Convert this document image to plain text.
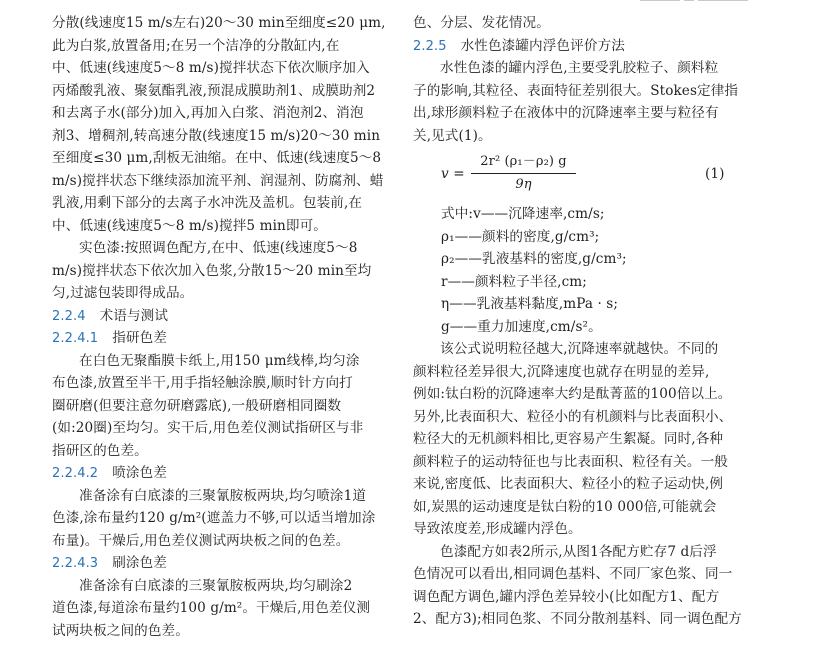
分散(线速度15 m/s左右)20～30 min至细度≤20 μm,
此为白浆,放置备用;在另一个洁净的分散缸内,在
中、低速(线速度5～8 m/s)搅拌状态下依次顺序加入
丙烯酸乳液、聚氨酯乳液,预混成膜助剂1、成膜助剂2
和去离子水(部分)加入,再加入白浆、消泡剂2、消泡
剂3、增稠剂,转高速分散(线速度15 m/s)20～30 min
至细度≤30 μm,刮板无油缩。在中、低速(线速度5～8
m/s)搅拌状态下继续添加流平剂、润湿剂、防腐剂、蜡
乳液,用剩下部分的去离子水冲洗及盖机。包装前,在
中、低速(线速度5～8 m/s)搅拌5 min即可。
实色漆:按照调色配方,在中、低速(线速度5～8
m/s)搅拌状态下依次加入色浆,分散15～20 min至均
匀,过滤包装即得成品。
2.2.4 术语与测试
2.2.4.1 指研色差
在白色无聚酯膜卡纸上,用150 μm线棒,均匀涂
布色漆,放置至半干,用手指轻触涂膜,顺时针方向打
圈研磨(但要注意勿研磨露底),一般研磨相同圈数
(如:20圈)至均匀。实干后,用色差仪测试指研区与非
指研区的色差。
2.2.4.2 喷涂色差
准备涂有白底漆的三聚氰胺板两块,均匀喷涂1道
色漆,涂布量约120 g/m²(遮盖力不够,可以适当增加涂
布量)。干燥后,用色差仪测试两块板之间的色差。
2.2.4.3 刷涂色差
准备涂有白底漆的三聚氰胺板两块,均匀刷涂2
道色漆,每道涂布量约100 g/m²。干燥后,用色差仪测
试两块板之间的色差。
色、分层、发花情况。
2.2.5 水性色漆罐内浮色评价方法
水性色漆的罐内浮色,主要受乳胶粒子、颜料粒
子的影响,其粒径、表面特征差别很大。Stokes定律指
出,球形颜料粒子在液体中的沉降速率主要与粒径有
关,见式(1)。
v =
2r² (ρ₁－ρ₂) g
9η
(1)
式中:v——沉降速率,cm/s;
ρ₁——颜料的密度,g/cm³;
ρ₂——乳液基料的密度,g/cm³;
r——颜料粒子半径,cm;
η——乳液基料黏度,mPa · s;
g——重力加速度,cm/s²。
该公式说明粒径越大,沉降速率就越快。不同的
颜料粒径差异很大,沉降速度也就存在明显的差异,
例如:钛白粉的沉降速率大约是酞菁蓝的100倍以上。
另外,比表面积大、粒径小的有机颜料与比表面积小、
粒径大的无机颜料相比,更容易产生絮凝。同时,各种
颜料粒子的运动特征也与比表面积、粒径有关。一般
来说,密度低、比表面积大、粒径小的粒子运动快,例
如,炭黑的运动速度是钛白粉的10 000倍,可能就会
导致浓度差,形成罐内浮色。
色漆配方如表2所示,从图1各配方贮存7 d后浮
色情况可以看出,相同调色基料、不同厂家色浆、同一
调色配方调色,罐内浮色差异较小(比如配方1、配方
2、配方3);相同色浆、不同分散剂基料、同一调色配方
